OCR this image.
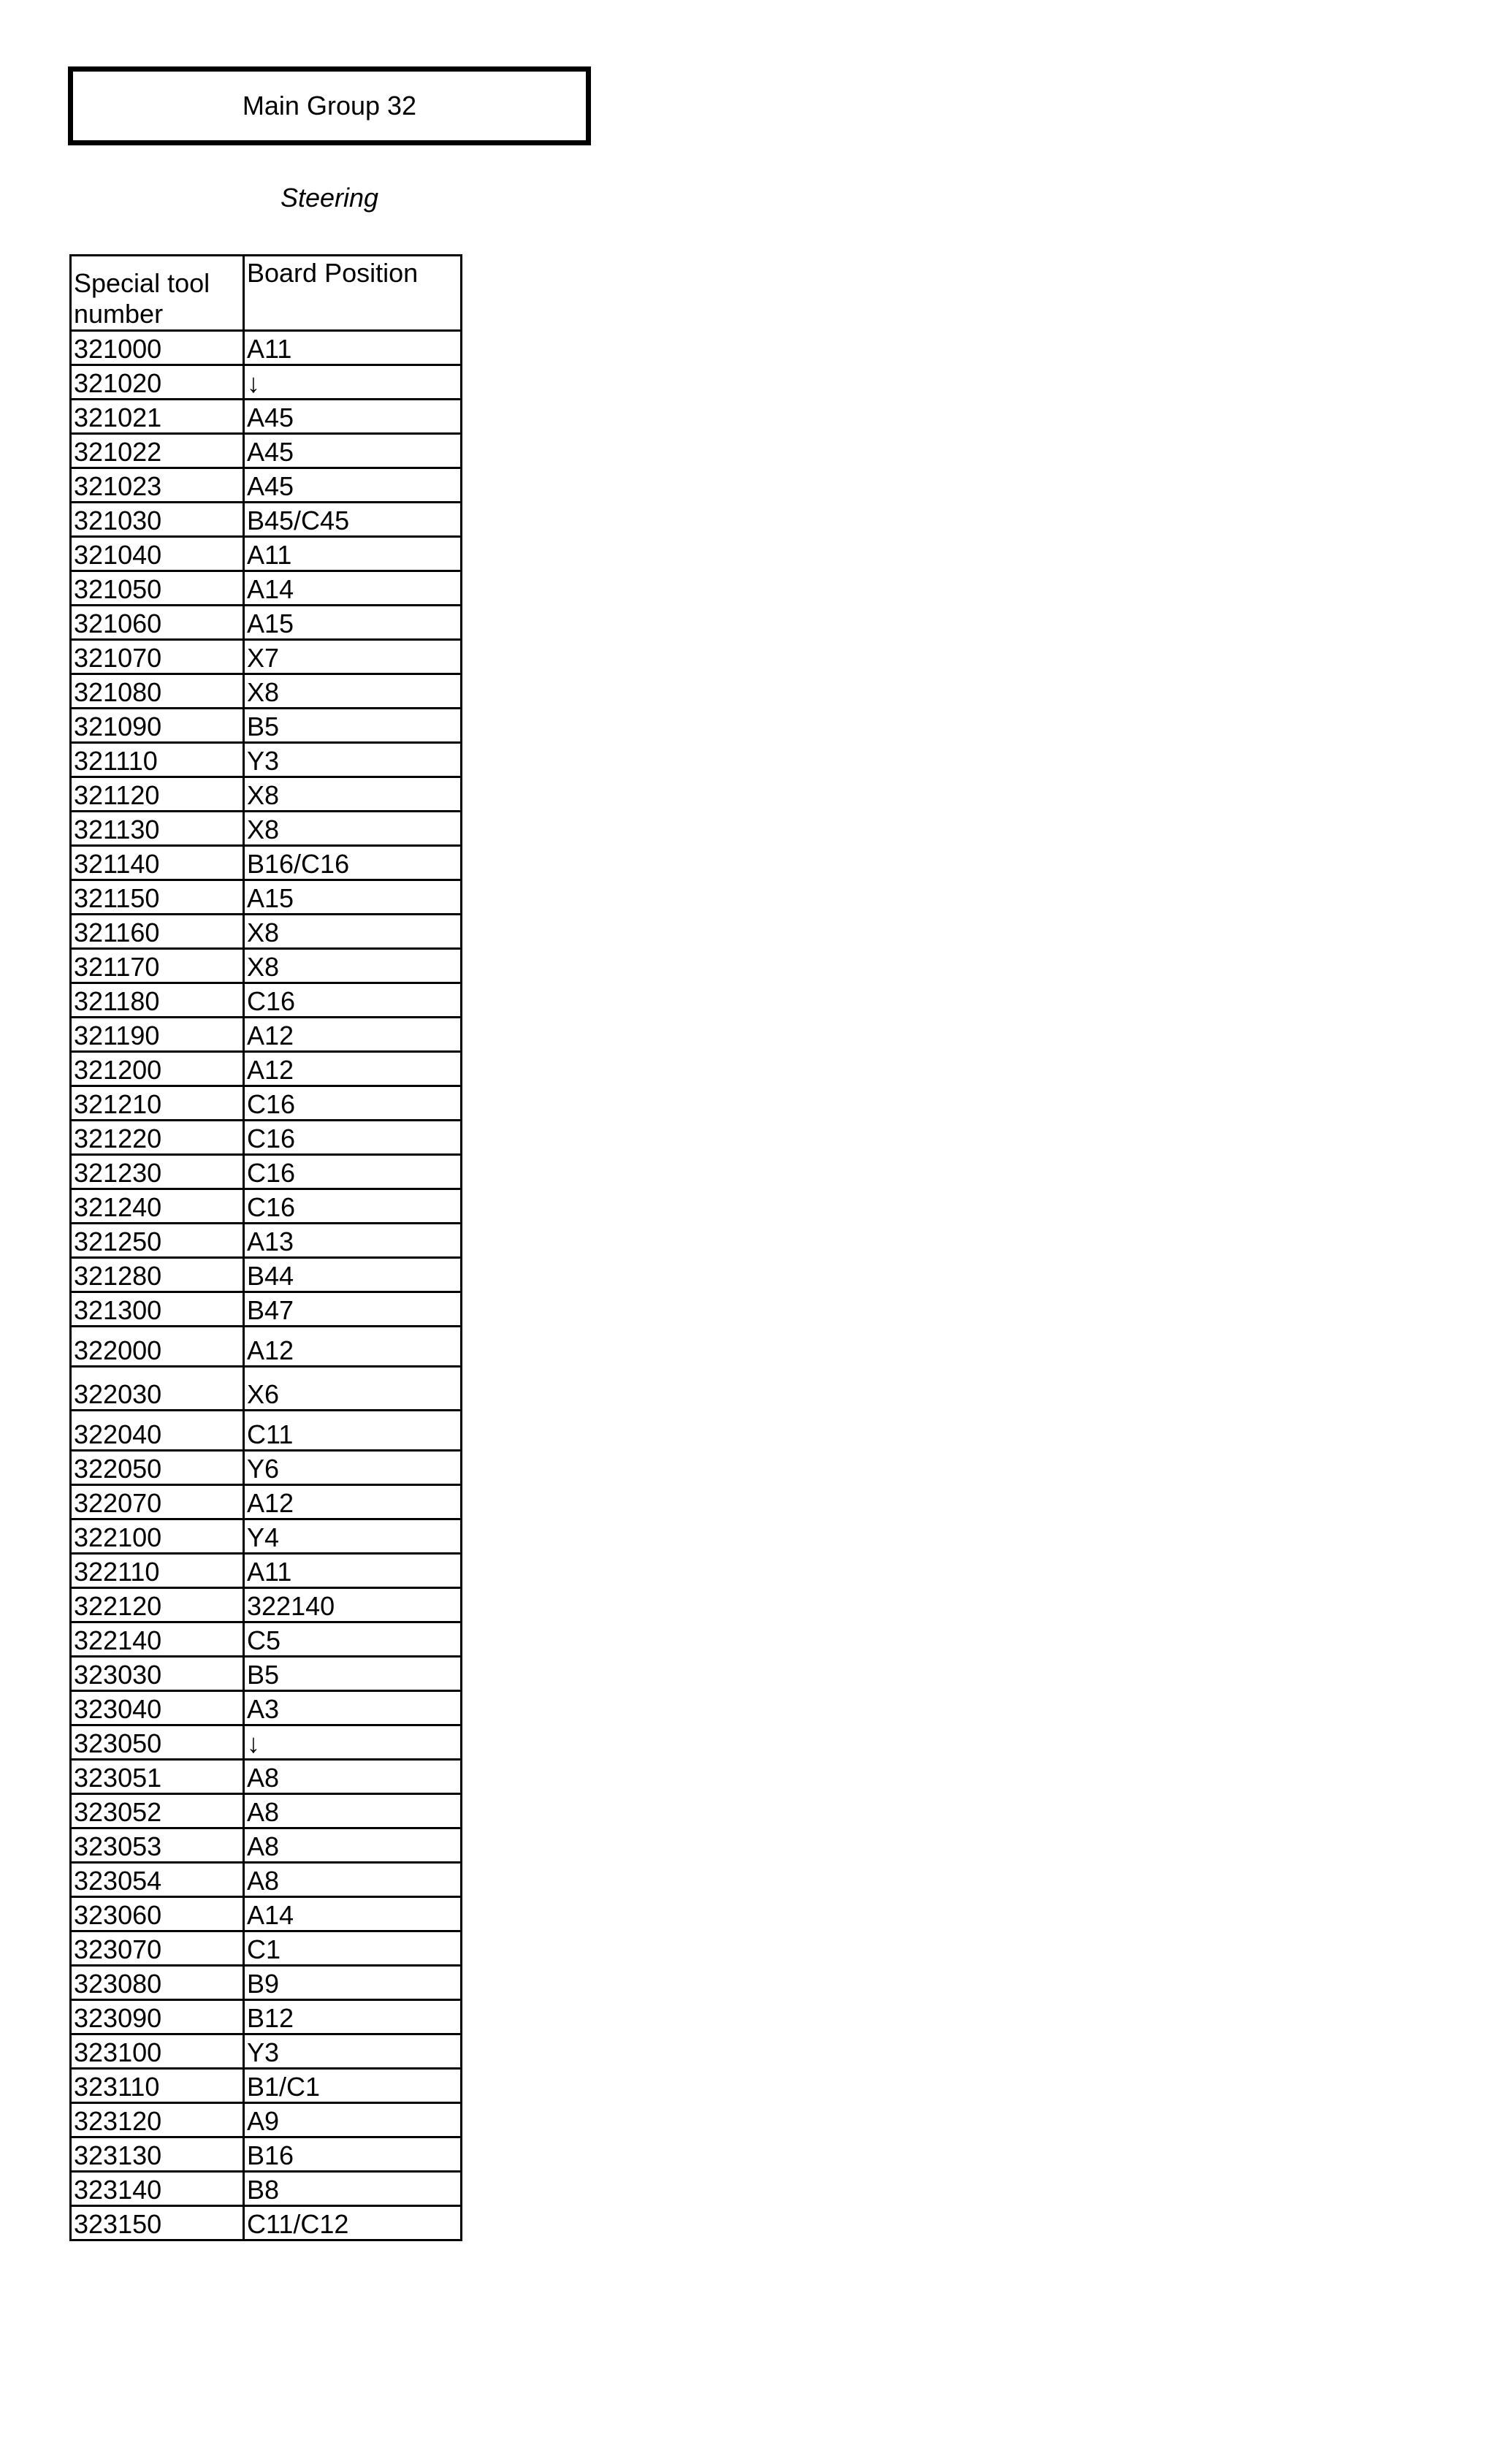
Main Group 32
Steering
Special tool number	Board Position
321000	A11
321020	↓
321021	A45
321022	A45
321023	A45
321030	B45/C45
321040	A11
321050	A14
321060	A15
321070	X7
321080	X8
321090	B5
321110	Y3
321120	X8
321130	X8
321140	B16/C16
321150	A15
321160	X8
321170	X8
321180	C16
321190	A12
321200	A12
321210	C16
321220	C16
321230	C16
321240	C16
321250	A13
321280	B44
321300	B47
322000	A12
322030	X6
322040	C11
322050	Y6
322070	A12
322100	Y4
322110	A11
322120	322140
322140	C5
323030	B5
323040	A3
323050	↓
323051	A8
323052	A8
323053	A8
323054	A8
323060	A14
323070	C1
323080	B9
323090	B12
323100	Y3
323110	B1/C1
323120	A9
323130	B16
323140	B8
323150	C11/C12
